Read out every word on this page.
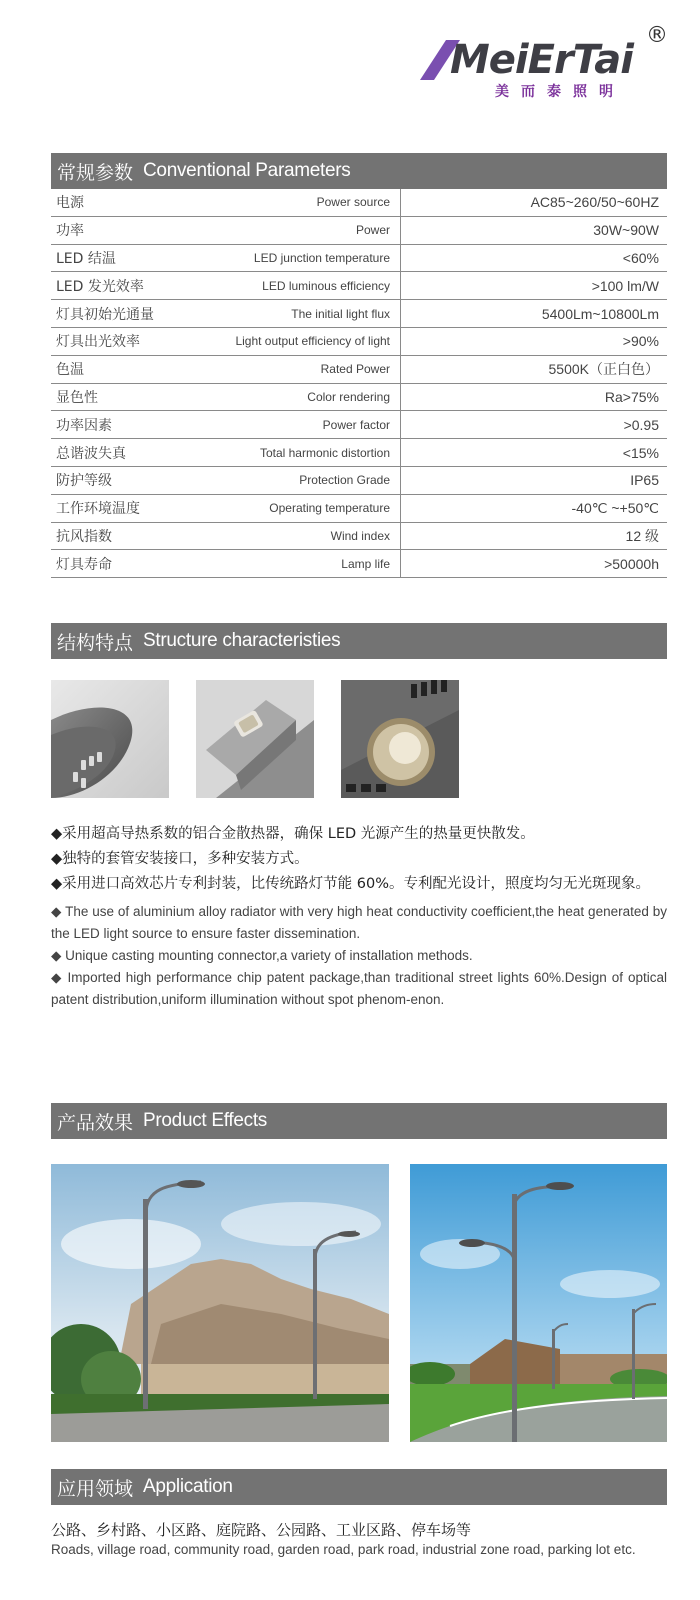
MeiErTai
美而泰照明
®
常规参数 Conventional Parameters
电源	Power source	AC85~260/50~60HZ
功率	Power	30W~90W
LED 结温	LED junction temperature	<60%
LED 发光效率	LED luminous efficiency	>100 lm/W
灯具初始光通量	The initial light flux	5400Lm~10800Lm
灯具出光效率	Light output efficiency of light	>90%
色温	Rated Power	5500K（正白色）
显色性	Color rendering	Ra>75%
功率因素	Power factor	>0.95
总谐波失真	Total harmonic distortion	<15%
防护等级	Protection Grade	IP65
工作环境温度	Operating temperature	-40℃ ~+50℃
抗风指数	Wind index	12 级
灯具寿命	Lamp life	>50000h
结构特点 Structure characteristies

◆采用超高导热系数的铝合金散热器，确保 LED 光源产生的热量更快散发。

◆独特的套管安装接口，多种安装方式。

◆采用进口高效芯片专利封装，比传统路灯节能 60%。专利配光设计，照度均匀无光斑现象。

◆ The use of aluminium alloy radiator with very high heat conductivity coefficient,the heat generated by the LED light source to ensure faster dissemination.

◆ Unique casting mounting connector,a variety of installation methods.

◆ Imported high performance chip patent package,than traditional street lights 60%.Design of optical patent distribution,uniform illumination without spot phenom-enon.

产品效果 Product Effects
应用领域 Application
公路、乡村路、小区路、庭院路、公园路、工业区路、停车场等
Roads, village road, community road, garden road, park road, industrial zone road, parking lot etc.
